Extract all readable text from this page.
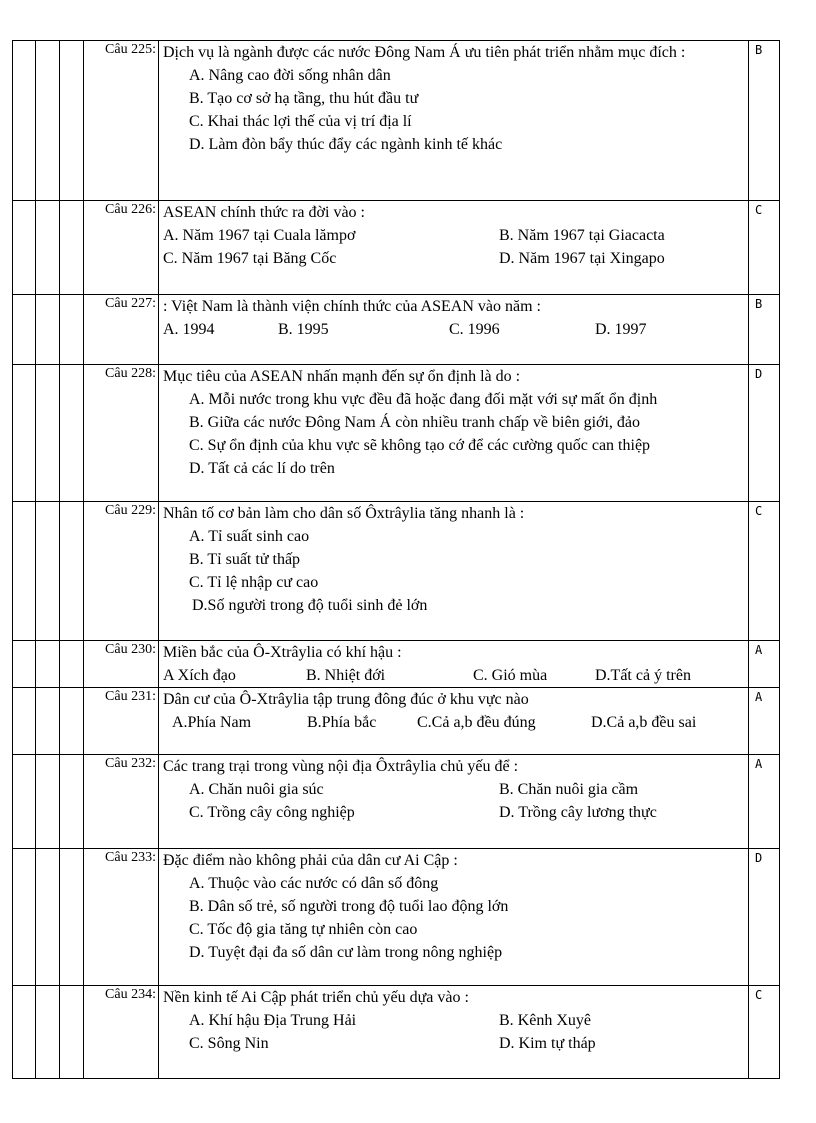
			Câu 225:	Dịch vụ là ngành được các nước Đông Nam Á ưu tiên phát triển nhằm mục đích :
A. Nâng cao đời sống nhân dân
B. Tạo cơ sở hạ tầng, thu hút đầu tư
C. Khai thác lợi thế của vị trí địa lí
D. Làm đòn bẩy thúc đẩy các ngành kinh tế khác	B
			Câu 226:	ASEAN chính thức ra đời vào :
A. Năm 1967 tại Cuala lămpơ B. Năm 1967 tại Giacacta
C. Năm 1967 tại Băng Cốc D. Năm 1967 tại Xingapo	C
			Câu 227:	: Việt Nam là thành viện chính thức của ASEAN vào năm :
A. 1994 B. 1995 C. 1996 D. 1997	B
			Câu 228:	Mục tiêu của ASEAN nhấn mạnh đến sự ổn định là do :
A. Mỗi nước trong khu vực đều đã hoặc đang đối mặt với sự mất ổn định
B. Giữa các nước Đông Nam Á còn nhiều tranh chấp về biên giới, đảo
C. Sự ổn định của khu vực sẽ không tạo cớ để các cường quốc can thiệp
D. Tất cả các lí do trên	D
			Câu 229:	Nhân tố cơ bản làm cho dân số Ôxtrâylia tăng nhanh là :
A. Tỉ suất sinh cao
B. Tỉ suất tử thấp
C. Tỉ lệ nhập cư cao
D.Số người trong độ tuổi sinh đẻ lớn	C
			Câu 230:	Miền bắc của Ô-Xtrâylia có khí hậu :
A Xích đạo B. Nhiệt đới C. Gió mùa D.Tất cả ý trên	A
			Câu 231:	Dân cư của Ô-Xtrâylia tập trung đông đúc ở khu vực nào
A.Phía Nam B.Phía bắc C.Cả a,b đều đúng D.Cả a,b đều sai	A
			Câu 232:	Các trang trại trong vùng nội địa Ôxtrâylia chủ yếu để :
A. Chăn nuôi gia súc B. Chăn nuôi gia cầm
C. Trồng cây công nghiệp D. Trồng cây lương thực	A
			Câu 233:	Đặc điểm nào không phải của dân cư Ai Cập :
A. Thuộc vào các nước có dân số đông
B. Dân số trẻ, số người trong độ tuổi lao động lớn
C. Tốc độ gia tăng tự nhiên còn cao
D. Tuyệt đại đa số dân cư làm trong nông nghiệp	D
			Câu 234:	Nền kinh tế Ai Cập phát triển chủ yếu dựa vào :
A. Khí hậu Địa Trung Hải B. Kênh Xuyê
C. Sông Nin D. Kim tự tháp	C
